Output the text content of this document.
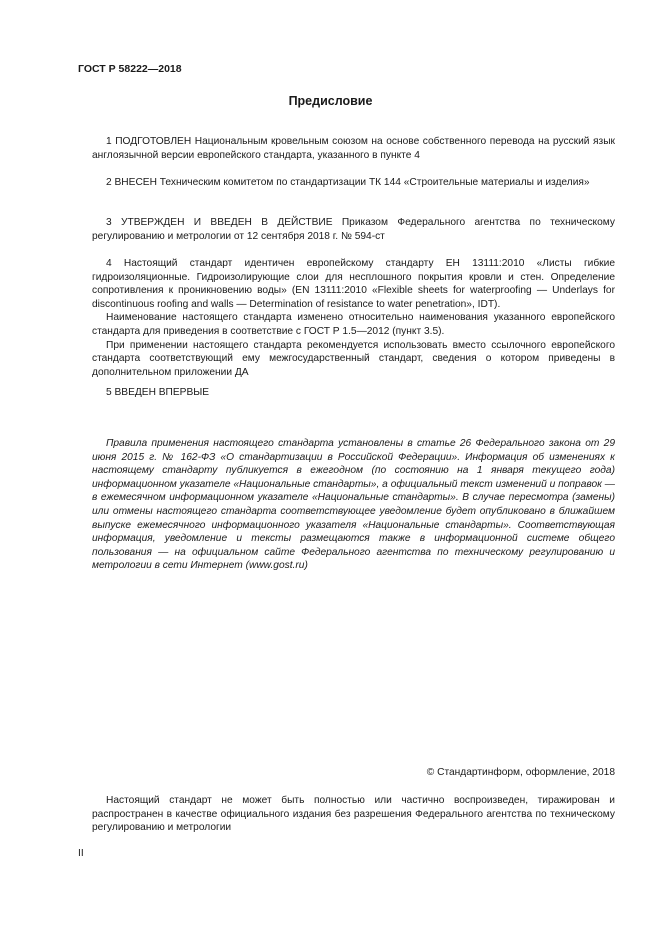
ГОСТ Р 58222—2018
Предисловие

1 ПОДГОТОВЛЕН Национальным кровельным союзом на основе собственного перевода на русский язык англоязычной версии европейского стандарта, указанного в пункте 4

2 ВНЕСЕН Техническим комитетом по стандартизации ТК 144 «Строительные материалы и изделия»

3 УТВЕРЖДЕН И ВВЕДЕН В ДЕЙСТВИЕ Приказом Федерального агентства по техническому регулированию и метрологии от 12 сентября 2018 г. № 594-ст

4 Настоящий стандарт идентичен европейскому стандарту ЕН 13111:2010 «Листы гибкие гидроизоляционные. Гидроизолирующие слои для несплошного покрытия кровли и стен. Определение сопротивления к проникновению воды» (EN 13111:2010 «Flexible sheets for waterproofing — Underlays for discontinuous roofing and walls — Determination of resistance to water penetration», IDT).

Наименование настоящего стандарта изменено относительно наименования указанного европейского стандарта для приведения в соответствие с ГОСТ Р 1.5—2012 (пункт 3.5).

При применении настоящего стандарта рекомендуется использовать вместо ссылочного европейского стандарта соответствующий ему межгосударственный стандарт, сведения о котором приведены в дополнительном приложении ДА

5 ВВЕДЕН ВПЕРВЫЕ

Правила применения настоящего стандарта установлены в статье 26 Федерального закона от 29 июня 2015 г. № 162-ФЗ «О стандартизации в Российской Федерации». Информация об изменениях к настоящему стандарту публикуется в ежегодном (по состоянию на 1 января текущего года) информационном указателе «Национальные стандарты», а официальный текст изменений и поправок — в ежемесячном информационном указателе «Национальные стандарты». В случае пересмотра (замены) или отмены настоящего стандарта соответствующее уведомление будет опубликовано в ближайшем выпуске ежемесячного информационного указателя «Национальные стандарты». Соответствующая информация, уведомление и тексты размещаются также в информационной системе общего пользования — на официальном сайте Федерального агентства по техническому регулированию и метрологии в сети Интернет (www.gost.ru)

© Стандартинформ, оформление, 2018

Настоящий стандарт не может быть полностью или частично воспроизведен, тиражирован и распространен в качестве официального издания без разрешения Федерального агентства по техническому регулированию и метрологии

II
